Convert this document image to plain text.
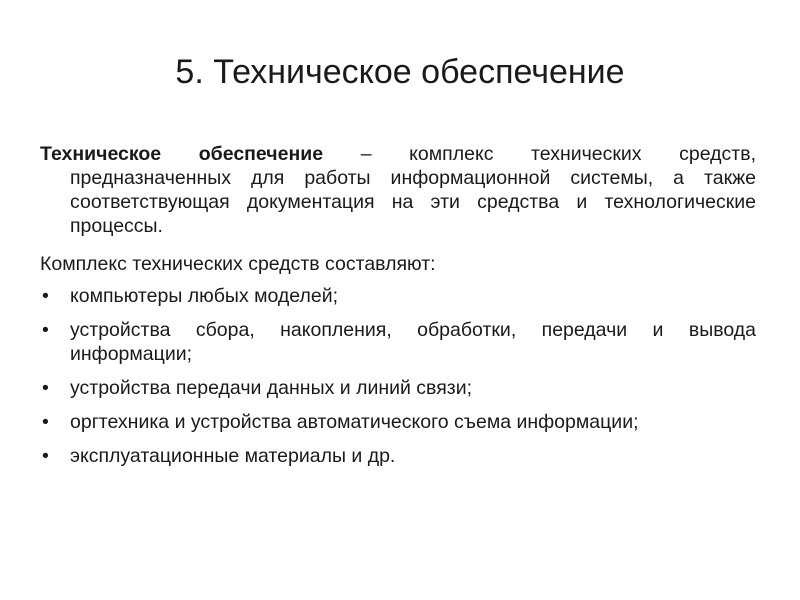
5. Техническое обеспечение

Техническое обеспечение – комплекс технических средств, предназначенных для работы информационной системы, а также соответствующая документация на эти средства и технологические процессы.

Комплекс технических средств составляют:

•	компьютеры любых моделей;
•	устройства сбора, накопления, обработки, передачи и вывода информации;
•	устройства передачи данных и линий связи;
•	оргтехника и устройства автоматического съема информации;
•	эксплуатационные материалы и др.
